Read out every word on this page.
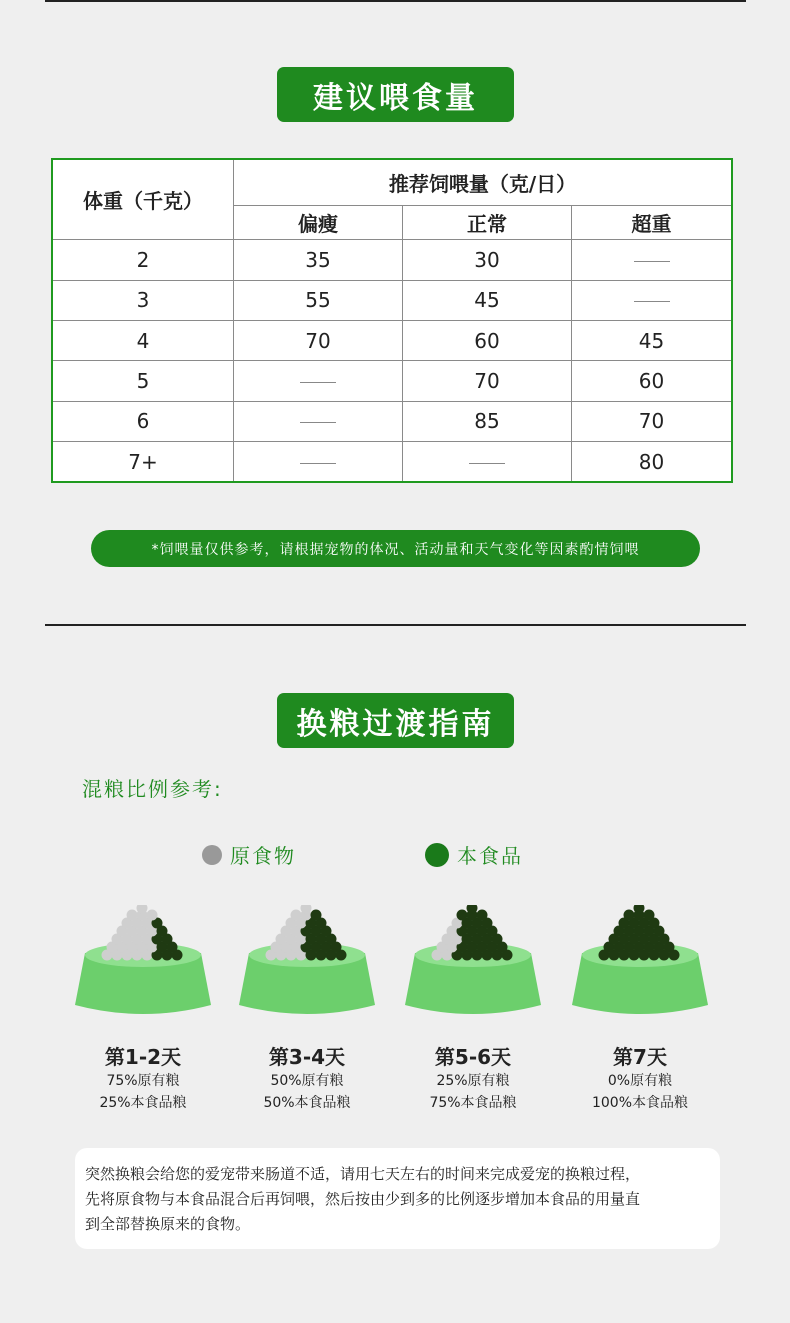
建议喂食量
体重（千克）	推荐饲喂量（克/日）		
	偏瘦	正常	超重
2	35	30	
3	55	45	
4	70	60	45
5		70	60
6		85	70
7+			80
*饲喂量仅供参考，请根据宠物的体况、活动量和天气变化等因素酌情饲喂
换粮过渡指南
混粮比例参考:
原食物	本食品
第1-2天
75%原有粮
25%本食品粮
第3-4天
50%原有粮
50%本食品粮
第5-6天
25%原有粮
75%本食品粮
第7天
0%原有粮
100%本食品粮
突然换粮会给您的爱宠带来肠道不适，请用七天左右的时间来完成爱宠的换粮过程，
先将原食物与本食品混合后再饲喂，然后按由少到多的比例逐步增加本食品的用量直
到全部替换原来的食物。
